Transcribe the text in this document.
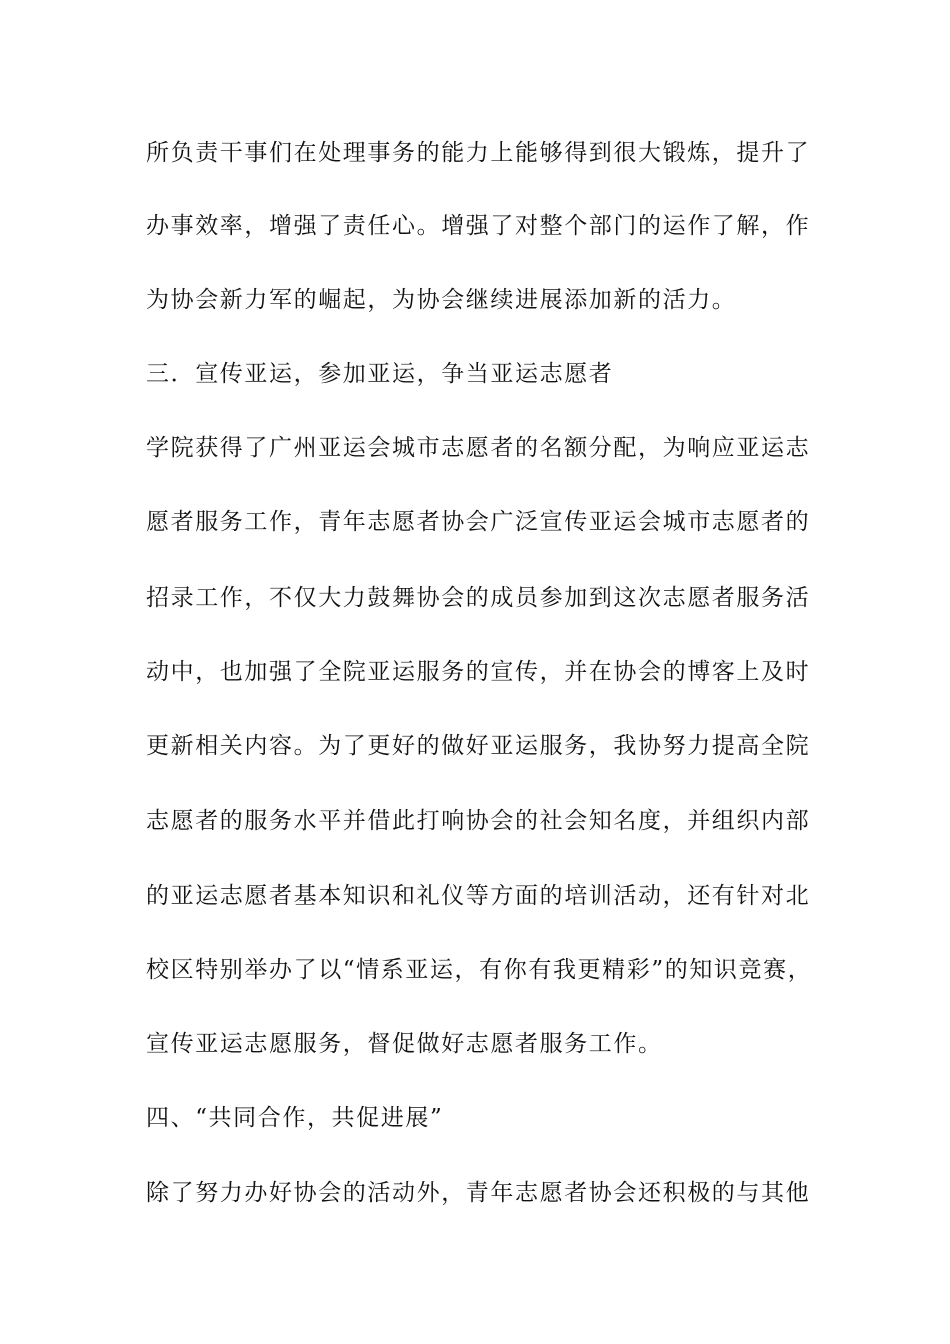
所负责干事们在处理事务的能力上能够得到很大锻炼，提升了
办事效率，增强了责任心。增强了对整个部门的运作了解，作
为协会新力军的崛起，为协会继续进展添加新的活力。
三．宣传亚运，参加亚运，争当亚运志愿者
学院获得了广州亚运会城市志愿者的名额分配，为响应亚运志
愿者服务工作，青年志愿者协会广泛宣传亚运会城市志愿者的
招录工作，不仅大力鼓舞协会的成员参加到这次志愿者服务活
动中，也加强了全院亚运服务的宣传，并在协会的博客上及时
更新相关内容。为了更好的做好亚运服务，我协努力提高全院
志愿者的服务水平并借此打响协会的社会知名度，并组织内部
的亚运志愿者基本知识和礼仪等方面的培训活动，还有针对北
校区特别举办了以“情系亚运，有你有我更精彩”的知识竞赛，
宣传亚运志愿服务，督促做好志愿者服务工作。
四、“共同合作，共促进展”
除了努力办好协会的活动外，青年志愿者协会还积极的与其他
